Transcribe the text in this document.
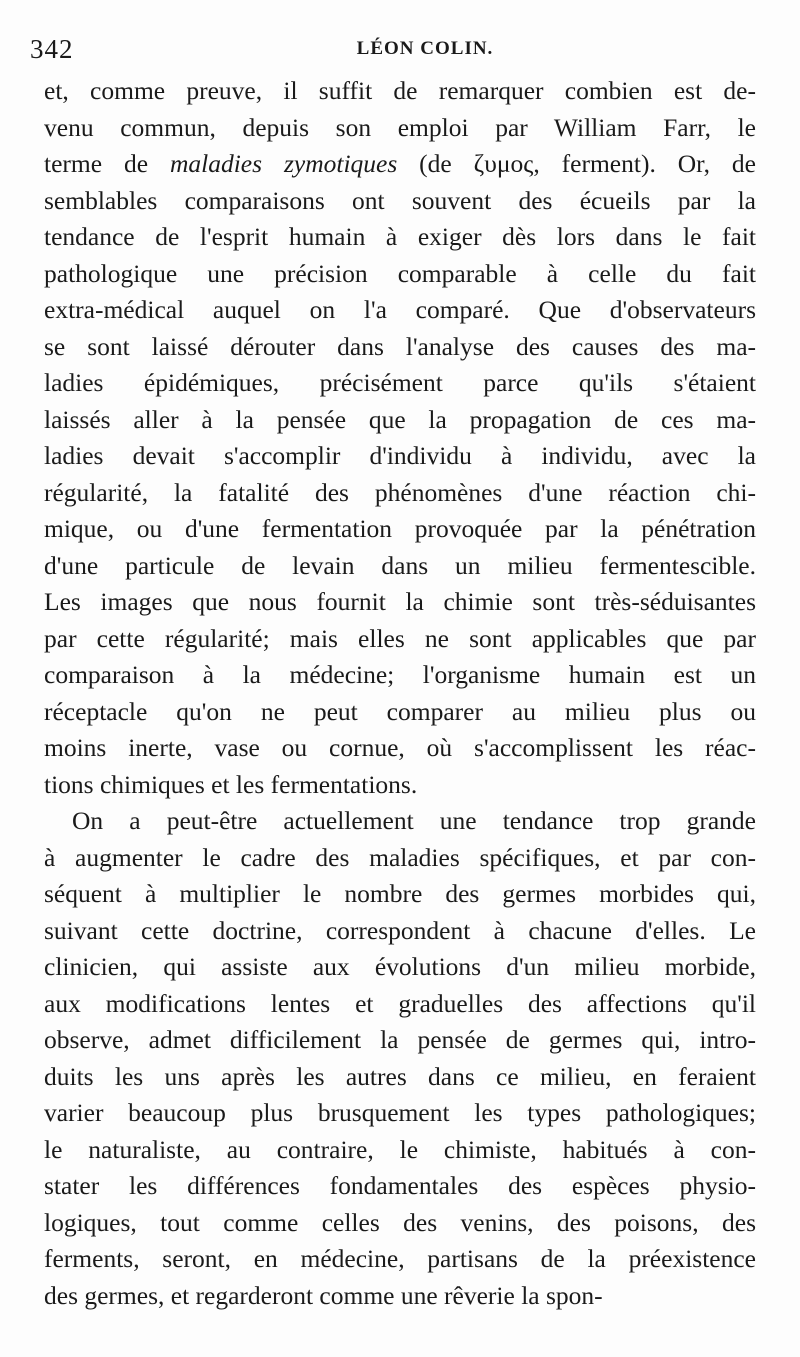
342	LÉON COLIN.
et, comme preuve, il suffit de remarquer combien est de-
venu commun, depuis son emploi par William Farr, le
terme de maladies zymotiques (de ζυμος, ferment). Or, de
semblables comparaisons ont souvent des écueils par la
tendance de l'esprit humain à exiger dès lors dans le fait
pathologique une précision comparable à celle du fait
extra-médical auquel on l'a comparé. Que d'observateurs
se sont laissé dérouter dans l'analyse des causes des ma-
ladies épidémiques, précisément parce qu'ils s'étaient
laissés aller à la pensée que la propagation de ces ma-
ladies devait s'accomplir d'individu à individu, avec la
régularité, la fatalité des phénomènes d'une réaction chi-
mique, ou d'une fermentation provoquée par la pénétration
d'une particule de levain dans un milieu fermentescible.
Les images que nous fournit la chimie sont très-séduisantes
par cette régularité; mais elles ne sont applicables que par
comparaison à la médecine; l'organisme humain est un
réceptacle qu'on ne peut comparer au milieu plus ou
moins inerte, vase ou cornue, où s'accomplissent les réac-
tions chimiques et les fermentations.
On a peut-être actuellement une tendance trop grande
à augmenter le cadre des maladies spécifiques, et par con-
séquent à multiplier le nombre des germes morbides qui,
suivant cette doctrine, correspondent à chacune d'elles. Le
clinicien, qui assiste aux évolutions d'un milieu morbide,
aux modifications lentes et graduelles des affections qu'il
observe, admet difficilement la pensée de germes qui, intro-
duits les uns après les autres dans ce milieu, en feraient
varier beaucoup plus brusquement les types pathologiques;
le naturaliste, au contraire, le chimiste, habitués à con-
stater les différences fondamentales des espèces physio-
logiques, tout comme celles des venins, des poisons, des
ferments, seront, en médecine, partisans de la préexistence
des germes, et regarderont comme une rêverie la spon-
